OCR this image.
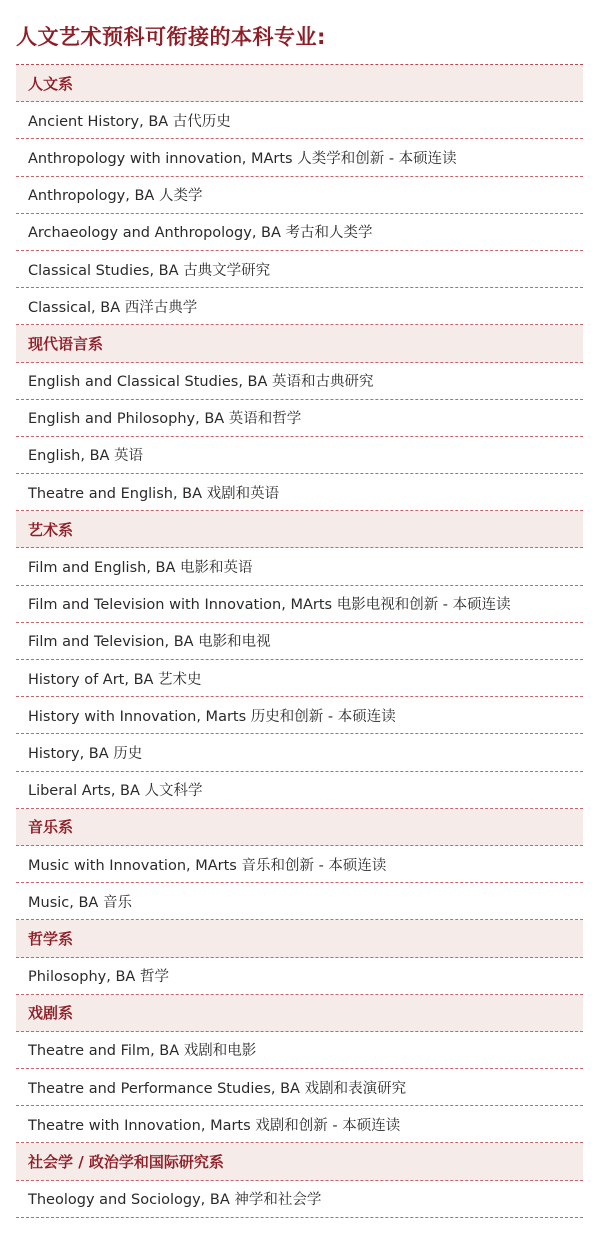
人文艺术预科可衔接的本科专业:
人文系
Ancient History, BA 古代历史
Anthropology with innovation, MArts 人类学和创新 - 本硕连读
Anthropology, BA 人类学
Archaeology and Anthropology, BA 考古和人类学
Classical Studies, BA 古典文学研究
Classical, BA 西洋古典学
现代语言系
English and Classical Studies, BA 英语和古典研究
English and Philosophy, BA 英语和哲学
English, BA 英语
Theatre and English, BA 戏剧和英语
艺术系
Film and English, BA 电影和英语
Film and Television with Innovation, MArts 电影电视和创新 - 本硕连读
Film and Television, BA 电影和电视
History of Art, BA 艺术史
History with Innovation, Marts 历史和创新 - 本硕连读
History, BA 历史
Liberal Arts, BA 人文科学
音乐系
Music with Innovation, MArts 音乐和创新 - 本硕连读
Music, BA 音乐
哲学系
Philosophy, BA 哲学
戏剧系
Theatre and Film, BA 戏剧和电影
Theatre and Performance Studies, BA 戏剧和表演研究
Theatre with Innovation, Marts 戏剧和创新 - 本硕连读
社会学 / 政治学和国际研究系
Theology and Sociology, BA 神学和社会学
